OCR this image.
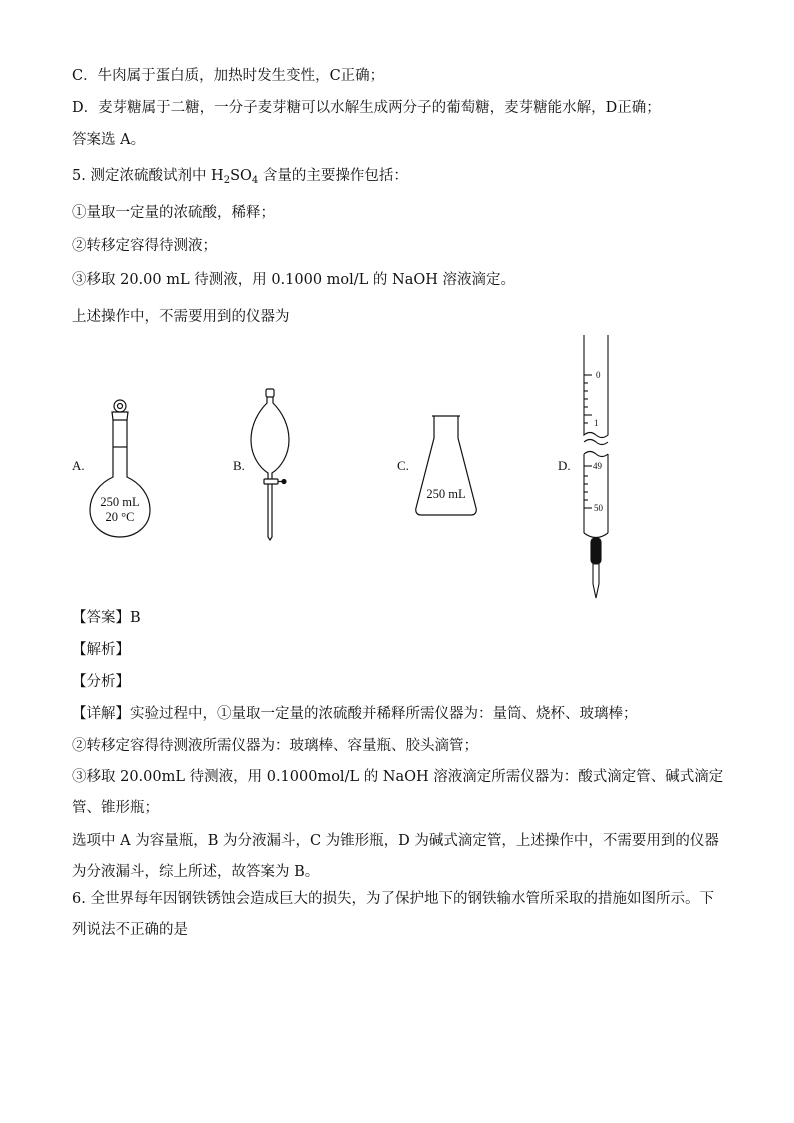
C．牛肉属于蛋白质，加热时发生变性，C正确；
D．麦芽糖属于二糖，一分子麦芽糖可以水解生成两分子的葡萄糖，麦芽糖能水解，D正确；
答案选 A。
5. 测定浓硫酸试剂中 $H_2SO_4$ 含量的主要操作包括：
①量取一定量的浓硫酸，稀释；
②转移定容得待测液；
③移取 20.00 mL 待测液，用 0.1000 mol/L 的 NaOH 溶液滴定。
上述操作中，不需要用到的仪器为
A.	B.	C.	D.
250 mL
20 °C
250 mL
0
1
49
50
【答案】B
【解析】
【分析】
【详解】实验过程中，①量取一定量的浓硫酸并稀释所需仪器为：量筒、烧杯、玻璃棒；
②转移定容得待测液所需仪器为：玻璃棒、容量瓶、胶头滴管；
③移取 20.00mL 待测液，用 0.1000mol/L 的 NaOH 溶液滴定所需仪器为：酸式滴定管、碱式滴定管、锥形瓶；
选项中 A 为容量瓶，B 为分液漏斗，C 为锥形瓶，D 为碱式滴定管，上述操作中，不需要用到的仪器为分液漏斗，综上所述，故答案为 B。
6. 全世界每年因钢铁锈蚀会造成巨大的损失，为了保护地下的钢铁输水管所采取的措施如图所示。下列说法不正确的是
